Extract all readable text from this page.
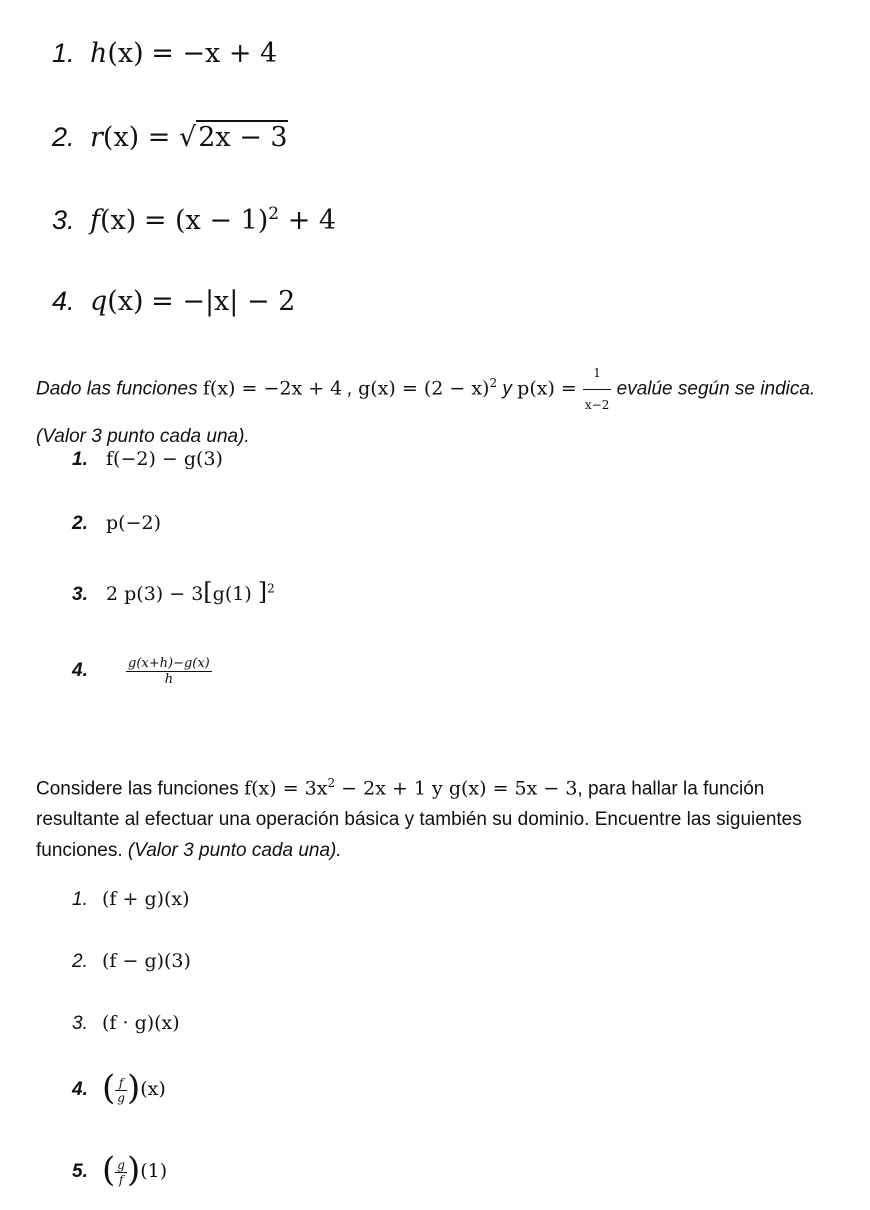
1. h(x) = −x + 4
2. r(x) = √2x − 3
3. $f(x) = (x - 1)^2 + 4$
4. q(x) = −|x| − 2
Dado las funciones f(x) = −2x + 4 , $g(x) = (2 - x)^2$ y $p(x) = \frac{1}{x-2}$ evalúe según se indica. (Valor 3 punto cada una).
1. f(−2) − g(3)
2. p(−2)
3. 2 p(3) − 3[g(1) ]$^2$
4.	$\frac{g(x+h)-g(x)}{h}$
Considere las funciones $f(x) = 3x^2 - 2x + 1$ y g(x) = 5x − 3, para hallar la función resultante al efectuar una operación básica y también su dominio. Encuentre las siguientes funciones. (Valor 3 punto cada una).
1. (f + g)(x)
2. (f − g)(3)
3. (f · g)(x)
4. ( $\frac{f}{g} )(x)$
5. ( $\frac{g}{f} )(1)$
